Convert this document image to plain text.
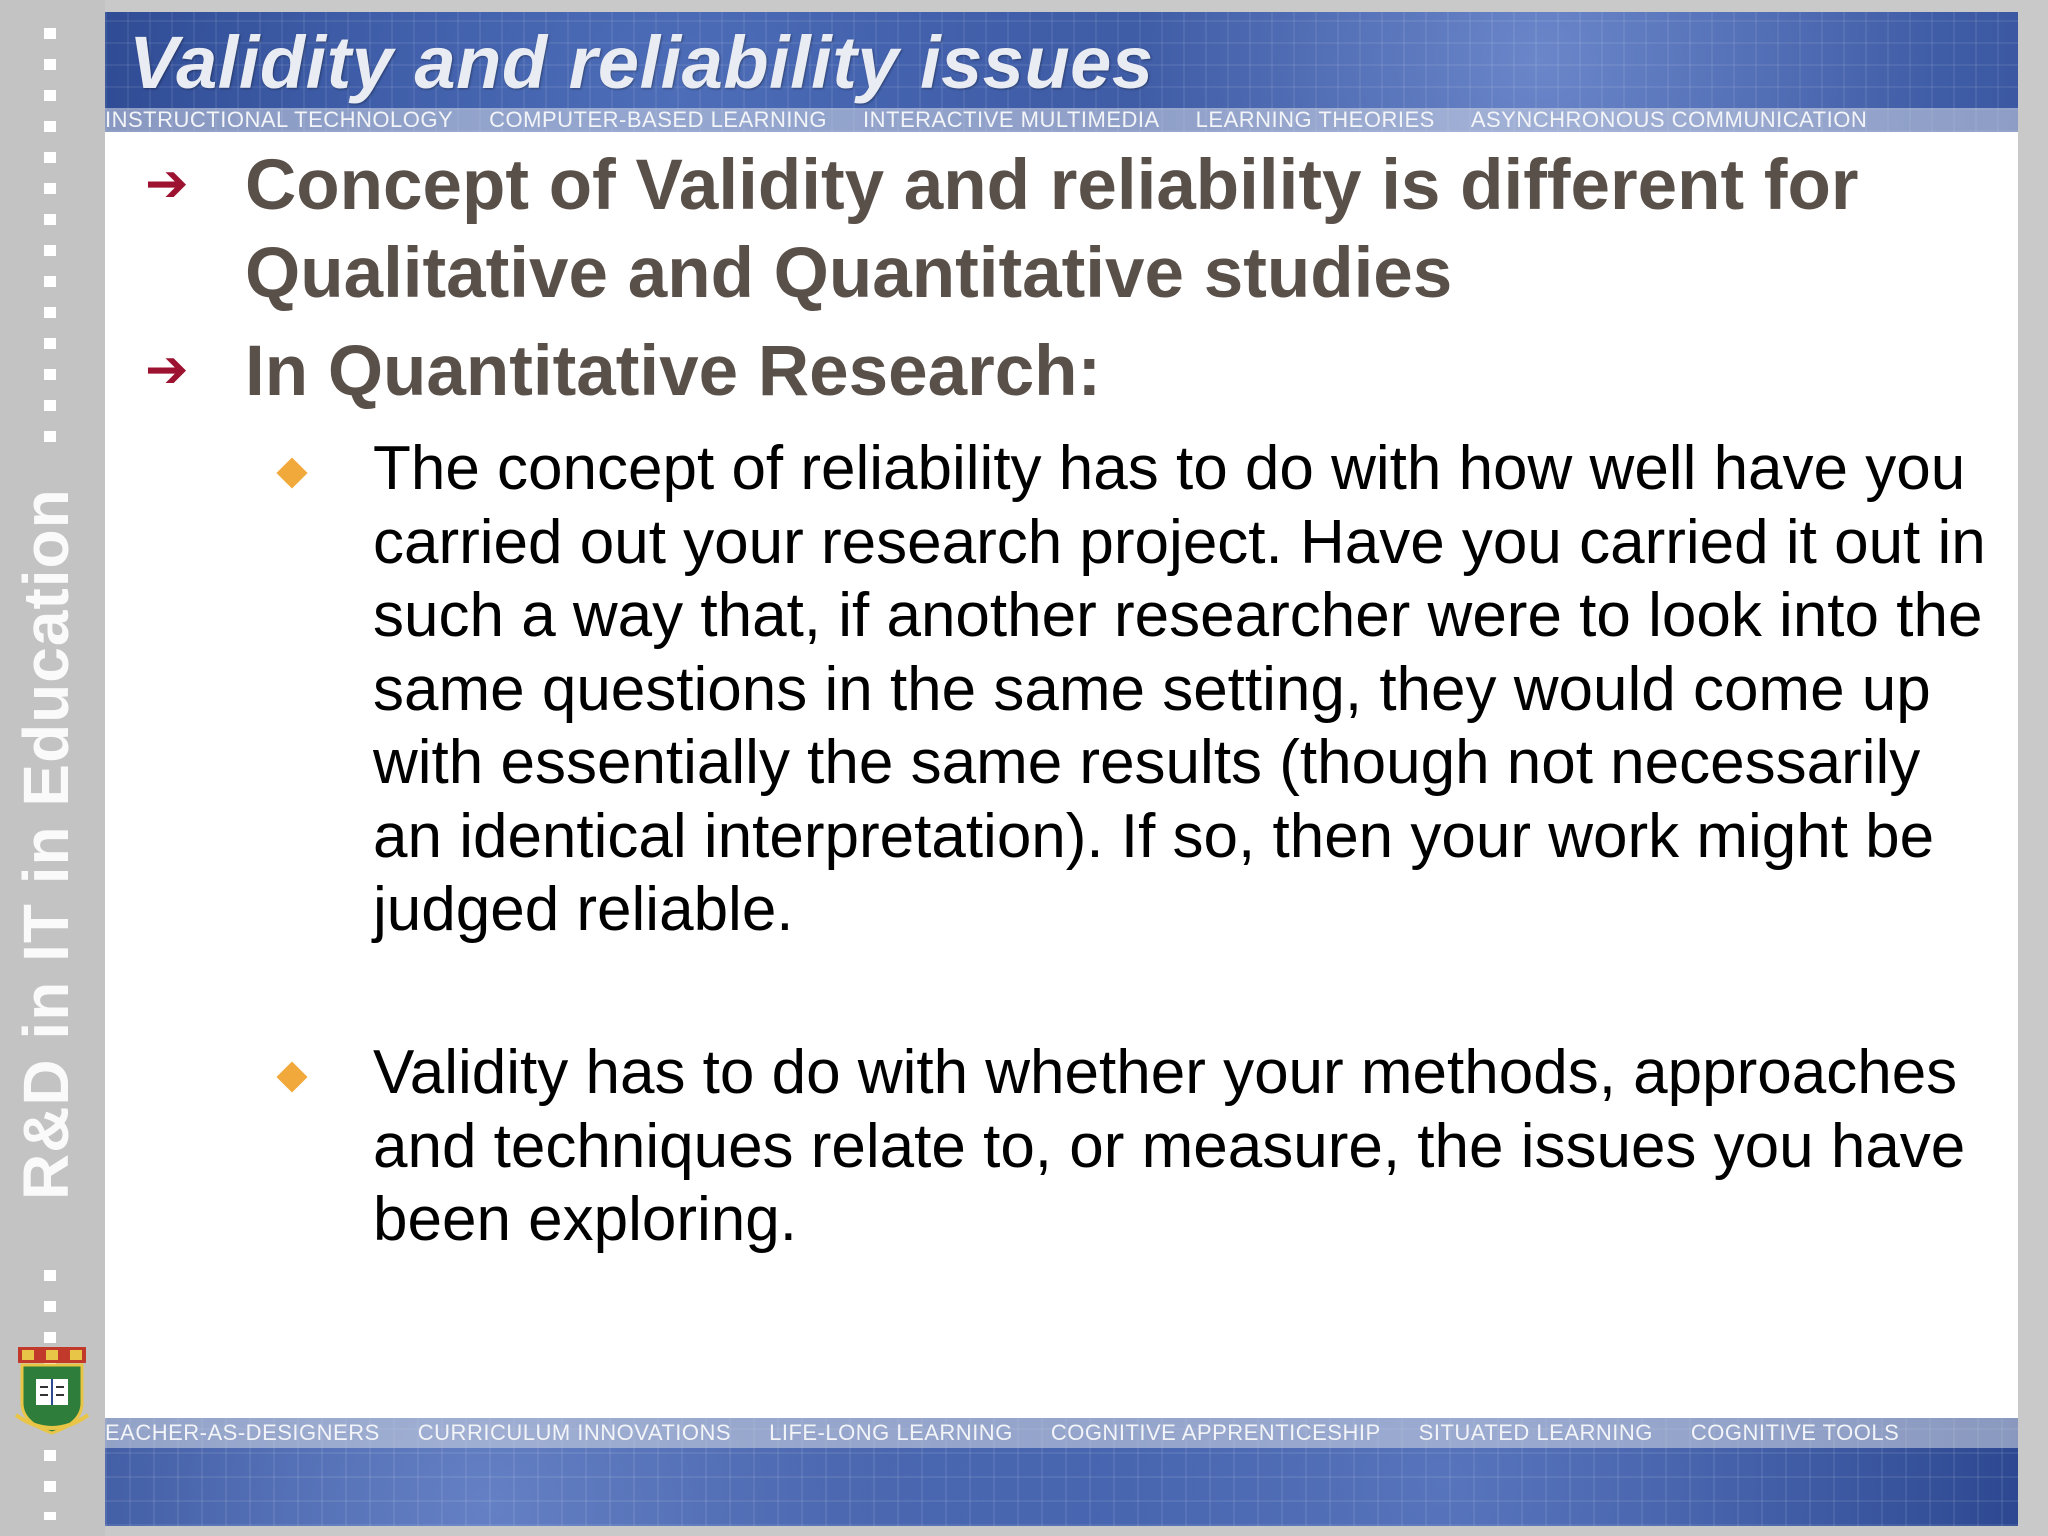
R&D in IT in Education
Validity and reliability issues
INSTRUCTIONAL TECHNOLOGY COMPUTER-BASED LEARNING INTERACTIVE MULTIMEDIA LEARNING THEORIES ASYNCHRONOUS COMMUNICATION
➔ Concept of Validity and reliability is different for Qualitative and Quantitative studies
➔ In Quantitative Research:
The concept of reliability has to do with how well have you carried out your research project. Have you carried it out in such a way that, if another researcher were to look into the same questions in the same setting, they would come up with essentially the same results (though not necessarily an identical interpretation). If so, then your work might be judged reliable.
Validity has to do with whether your methods, approaches and techniques relate to, or measure, the issues you have been exploring.
EACHER-AS-DESIGNERS CURRICULUM INNOVATIONS LIFE-LONG LEARNING COGNITIVE APPRENTICESHIP SITUATED LEARNING COGNITIVE TOOLS
